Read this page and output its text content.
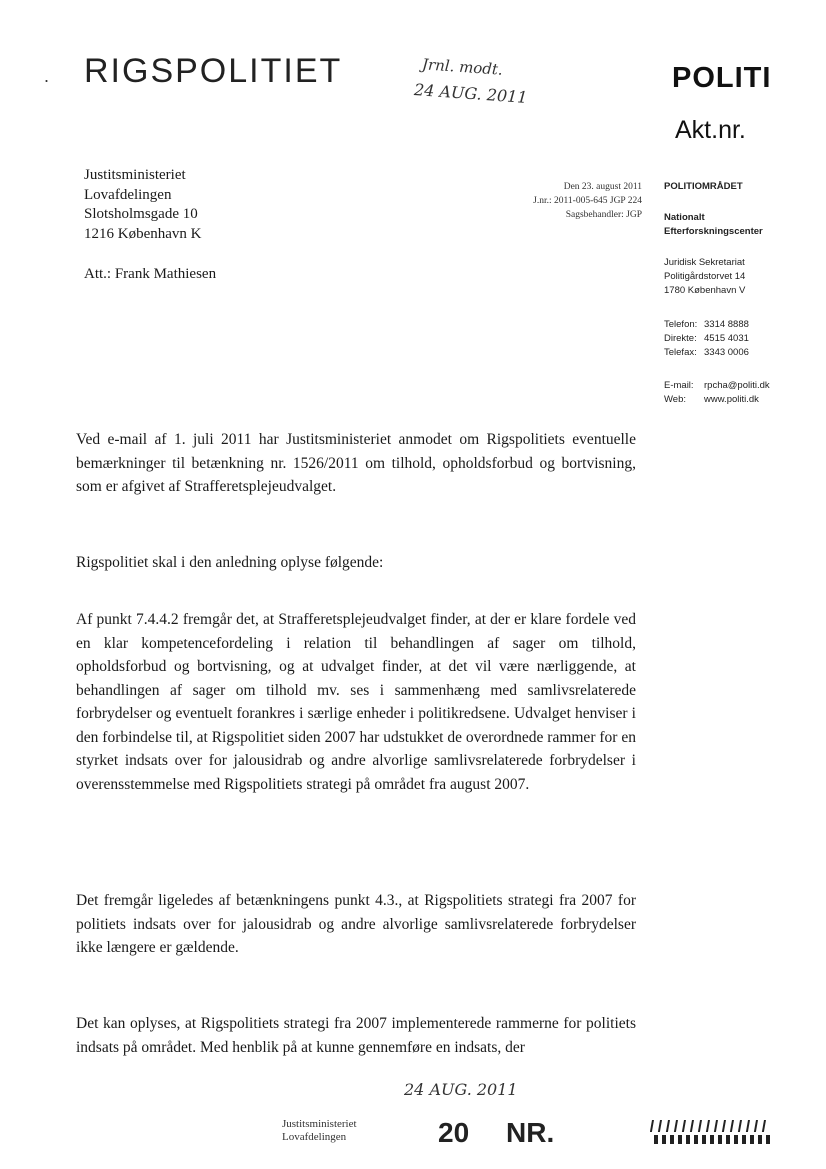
. RIGSPOLITIET	Jrnl. modt.
24 AUG. 2011	POLITI
Akt.nr.
Justitsministeriet
Lovafdelingen
Slotsholmsgade 10
1216 København K
Att.: Frank Mathiesen
Den 23. august 2011
J.nr.: 2011-005-645 JGP 224
Sagsbehandler: JGP
POLITIOMRÅDET
Nationalt
Efterforskningscenter
Juridisk Sekretariat
Politigårdstorvet 14
1780 København V
Telefon: 3314 8888
Direkte: 4515 4031
Telefax: 3343 0006
E-mail: rpcha@politi.dk
Web: www.politi.dk
Ved e-mail af 1. juli 2011 har Justitsministeriet anmodet om Rigspolitiets eventuelle bemærkninger til betænkning nr. 1526/2011 om tilhold, opholdsforbud og bortvisning, som er afgivet af Strafferetsplejeudvalget.
Rigspolitiet skal i den anledning oplyse følgende:
Af punkt 7.4.4.2 fremgår det, at Strafferetsplejeudvalget finder, at der er klare fordele ved en klar kompetencefordeling i relation til behandlingen af sager om tilhold, opholdsforbud og bortvisning, og at udvalget finder, at det vil være nærliggende, at behandlingen af sager om tilhold mv. ses i sammenhæng med samlivsrelaterede forbrydelser og eventuelt forankres i særlige enheder i politikredsene. Udvalget henviser i den forbindelse til, at Rigspolitiet siden 2007 har udstukket de overordnede rammer for en styrket indsats over for jalousidrab og andre alvorlige samlivsrelaterede forbrydelser i overensstemmelse med Rigspolitiets strategi på området fra august 2007.
Det fremgår ligeledes af betænkningens punkt 4.3., at Rigspolitiets strategi fra 2007 for politiets indsats over for jalousidrab og andre alvorlige samlivsrelaterede forbrydelser ikke længere er gældende.
Det kan oplyses, at Rigspolitiets strategi fra 2007 implementerede rammerne for politiets indsats på området. Med henblik på at kunne gennemføre en indsats, der
24 AUG. 2011
Justitsministeriet
Lovafdelingen	20 NR.
